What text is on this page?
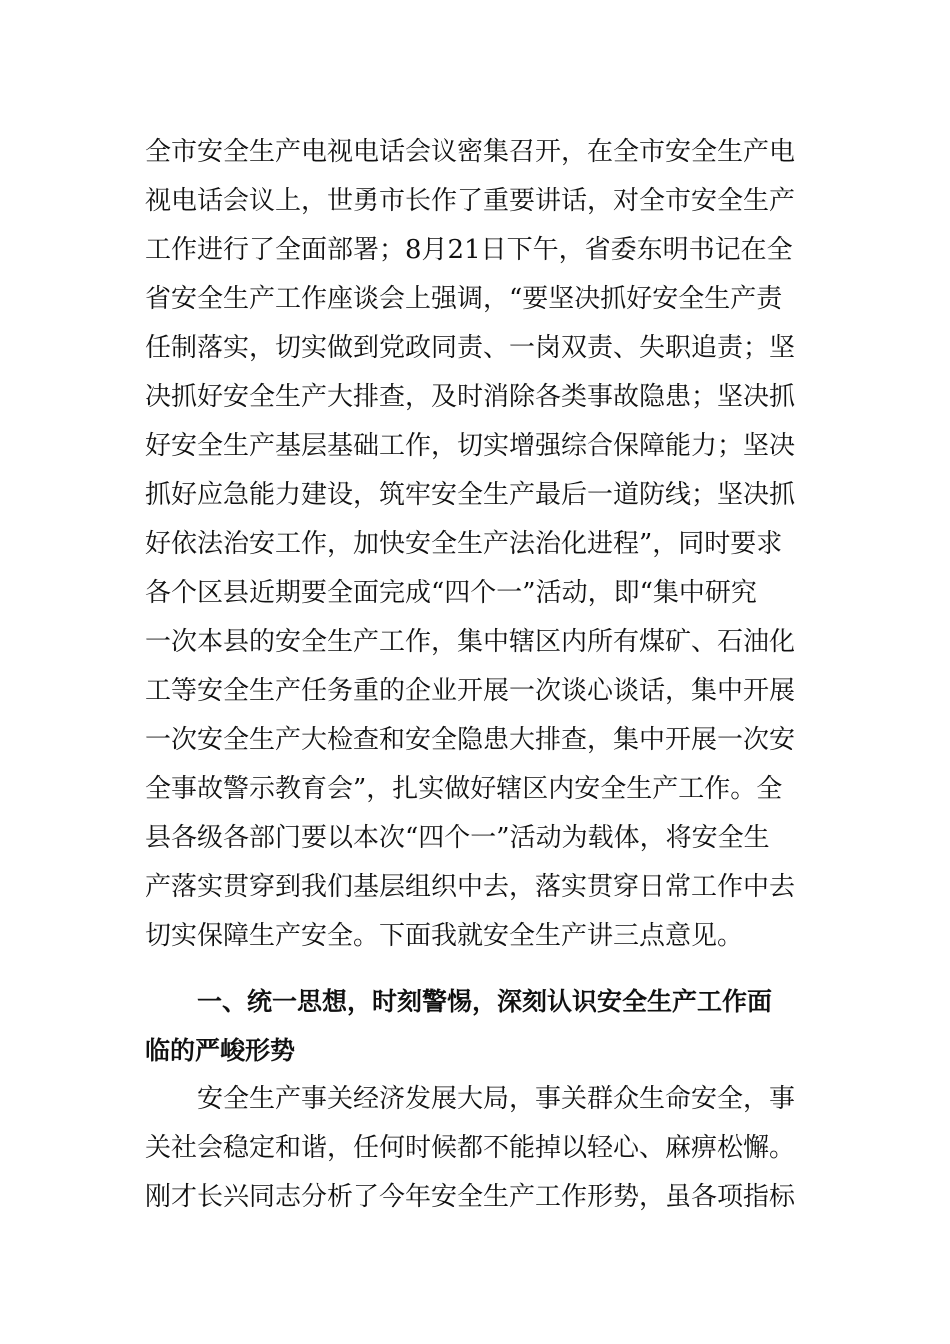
全市安全生产电视电话会议密集召开，在全市安全生产电
视电话会议上，世勇市长作了重要讲话，对全市安全生产
工作进行了全面部署；8月21日下午，省委东明书记在全
省安全生产工作座谈会上强调，“要坚决抓好安全生产责
任制落实，切实做到党政同责、一岗双责、失职追责；坚
决抓好安全生产大排查，及时消除各类事故隐患；坚决抓
好安全生产基层基础工作，切实增强综合保障能力；坚决
抓好应急能力建设，筑牢安全生产最后一道防线；坚决抓
好依法治安工作，加快安全生产法治化进程”，同时要求
各个区县近期要全面完成“四个一”活动，即“集中研究
一次本县的安全生产工作，集中辖区内所有煤矿、石油化
工等安全生产任务重的企业开展一次谈心谈话，集中开展
一次安全生产大检查和安全隐患大排查，集中开展一次安
全事故警示教育会”，扎实做好辖区内安全生产工作。全
县各级各部门要以本次“四个一”活动为载体，将安全生
产落实贯穿到我们基层组织中去，落实贯穿日常工作中去
切实保障生产安全。下面我就安全生产讲三点意见。
一、统一思想，时刻警惕，深刻认识安全生产工作面
临的严峻形势
安全生产事关经济发展大局，事关群众生命安全，事
关社会稳定和谐，任何时候都不能掉以轻心、麻痹松懈。
刚才长兴同志分析了今年安全生产工作形势，虽各项指标
